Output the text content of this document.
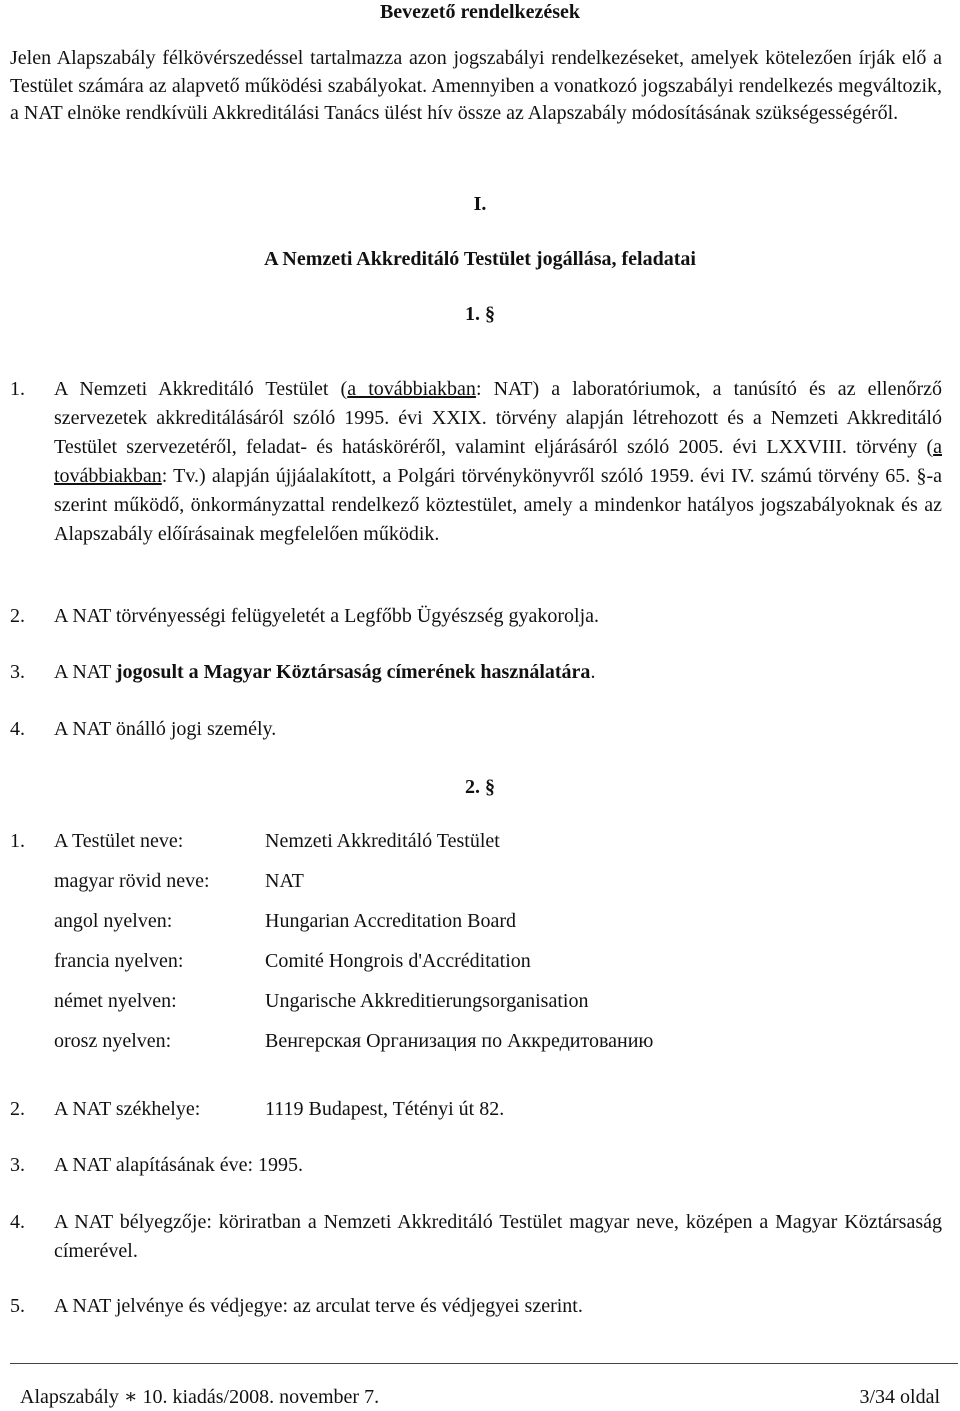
Bevezető rendelkezések
Jelen Alapszabály félkövérszedéssel tartalmazza azon jogszabályi rendelkezéseket, amelyek kötelezően írják elő a Testület számára az alapvető működési szabályokat. Amennyiben a vonatkozó jogszabályi rendelkezés megváltozik, a NAT elnöke rendkívüli Akkreditálási Tanács ülést hív össze az Alapszabály módosításának szükségességéről.
I.
A Nemzeti Akkreditáló Testület jogállása, feladatai
1. §
1. A Nemzeti Akkreditáló Testület (a továbbiakban: NAT) a laboratóriumok, a tanúsító és az ellenőrző szervezetek akkreditálásáról szóló 1995. évi XXIX. törvény alapján létrehozott és a Nemzeti Akkreditáló Testület szervezetéről, feladat- és hatásköréről, valamint eljárásáról szóló 2005. évi LXXVIII. törvény (a továbbiakban: Tv.) alapján újjáalakított, a Polgári törvénykönyvről szóló 1959. évi IV. számú törvény 65. §-a szerint működő, önkormányzattal rendelkező köztestület, amely a mindenkor hatályos jogszabályoknak és az Alapszabály előírásainak megfelelően működik.
2. A NAT törvényességi felügyeletét a Legfőbb Ügyészség gyakorolja.
3. A NAT jogosult a Magyar Köztársaság címerének használatára.
4. A NAT önálló jogi személy.
2. §
1. A Testület neve:	Nemzeti Akkreditáló Testület
magyar rövid neve:	NAT
angol nyelven:	Hungarian Accreditation Board
francia nyelven:	Comité Hongrois d'Accréditation
német nyelven:	Ungarische Akkreditierungsorganisation
orosz nyelven:	Венгерская Организация по Аккредитованию
2. A NAT székhelye:	1119 Budapest, Tétényi út 82.
3. A NAT alapításának éve: 1995.
4. A NAT bélyegzője: köriratban a Nemzeti Akkreditáló Testület magyar neve, középen a Magyar Köztársaság címerével.
5. A NAT jelvénye és védjegye: az arculat terve és védjegyei szerint.
Alapszabály ∗ 10. kiadás/2008. november 7.	3/34 oldal
